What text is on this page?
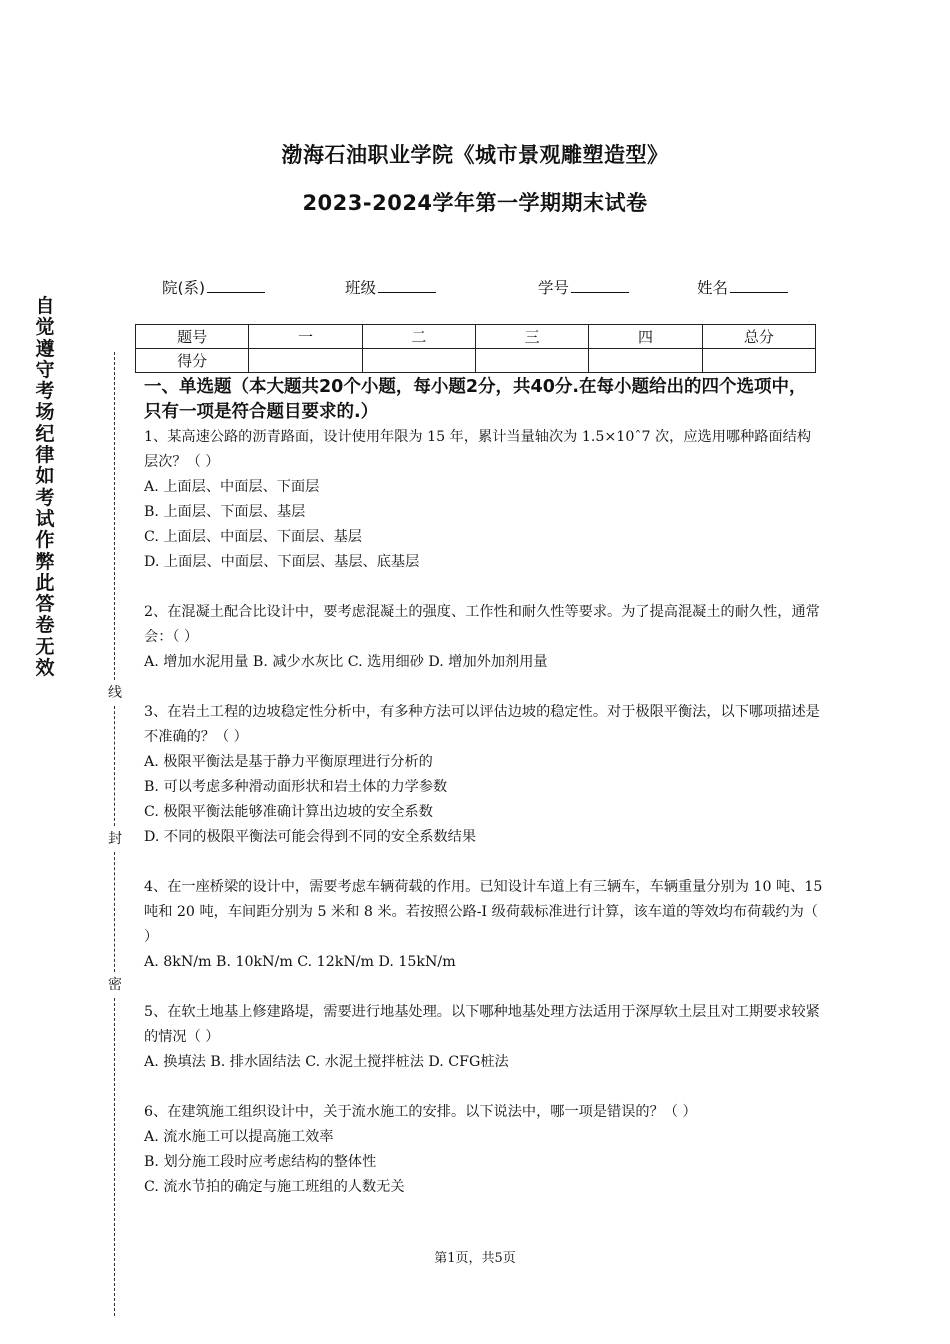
渤海石油职业学院《城市景观雕塑造型》
2023-2024学年第一学期期末试卷
院(系)	班级	学号	姓名
题号	一	二	三	四	总分
得分					
自觉遵守考场纪律如考试作弊此答卷无效
线
封
密
一、单选题（本大题共20个小题，每小题2分，共40分.在每小题给出的四个选项中，只有一项是符合题目要求的.）
1、某高速公路的沥青路面，设计使用年限为 15 年，累计当量轴次为 1.5×10ˆ7 次，应选用哪种路面结构层次？（ ）
A. 上面层、中面层、下面层
B. 上面层、下面层、基层
C. 上面层、中面层、下面层、基层
D. 上面层、中面层、下面层、基层、底基层
2、在混凝土配合比设计中，要考虑混凝土的强度、工作性和耐久性等要求。为了提高混凝土的耐久性，通常会：（ ）
A. 增加水泥用量 B. 减少水灰比 C. 选用细砂 D. 增加外加剂用量
3、在岩土工程的边坡稳定性分析中，有多种方法可以评估边坡的稳定性。对于极限平衡法，以下哪项描述是不准确的？（ ）
A. 极限平衡法是基于静力平衡原理进行分析的
B. 可以考虑多种滑动面形状和岩土体的力学参数
C. 极限平衡法能够准确计算出边坡的安全系数
D. 不同的极限平衡法可能会得到不同的安全系数结果
4、在一座桥梁的设计中，需要考虑车辆荷载的作用。已知设计车道上有三辆车，车辆重量分别为 10 吨、15 吨和 20 吨，车间距分别为 5 米和 8 米。若按照公路-I 级荷载标准进行计算，该车道的等效均布荷载约为（ ）
A. 8kN/m B. 10kN/m C. 12kN/m D. 15kN/m
5、在软土地基上修建路堤，需要进行地基处理。以下哪种地基处理方法适用于深厚软土层且对工期要求较紧的情况（ ）
A. 换填法 B. 排水固结法 C. 水泥土搅拌桩法 D. CFG桩法
6、在建筑施工组织设计中，关于流水施工的安排。以下说法中，哪一项是错误的？（ ）
A. 流水施工可以提高施工效率
B. 划分施工段时应考虑结构的整体性
C. 流水节拍的确定与施工班组的人数无关
第1页，共5页
